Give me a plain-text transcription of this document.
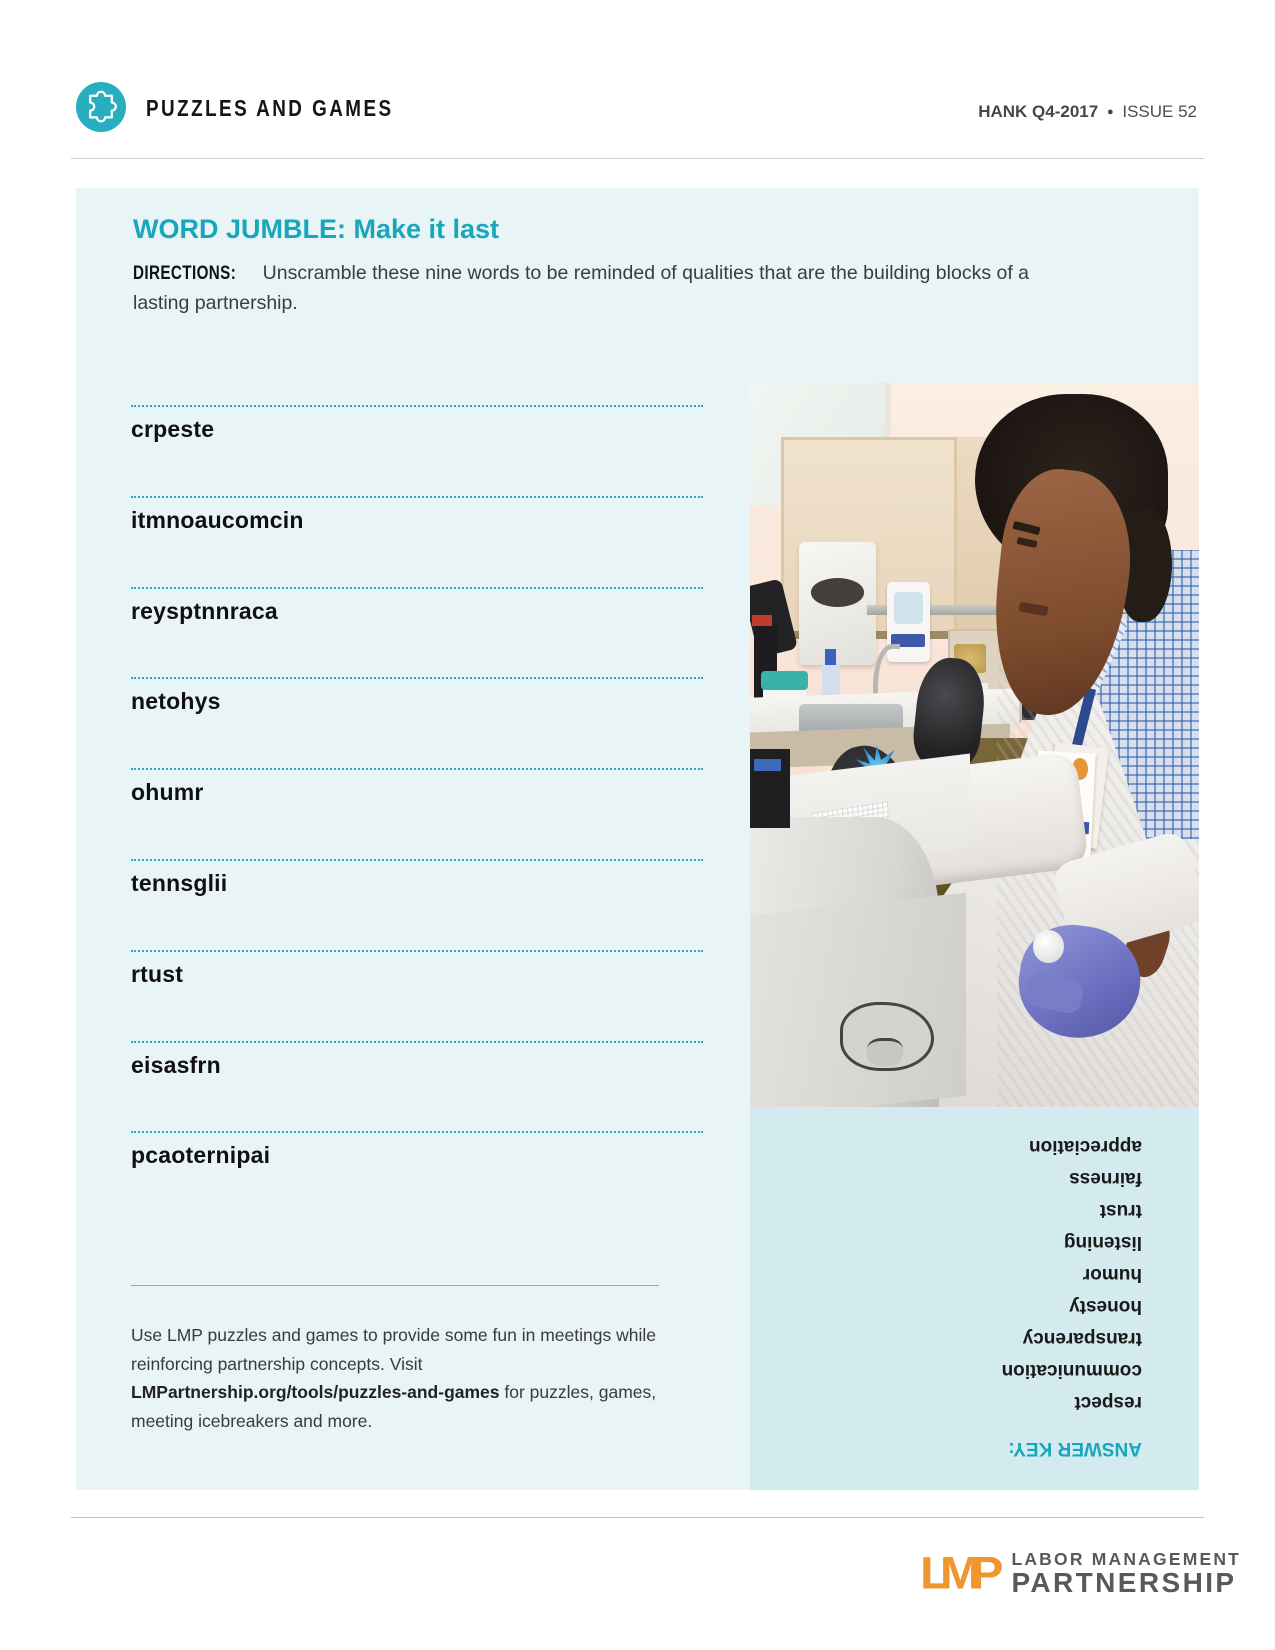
PUZZLES AND GAMES	HANK Q4-2017 ● ISSUE 52
WORD JUMBLE: Make it last
DIRECTIONS: Unscramble these nine words to be reminded of qualities that are the building blocks of a lasting partnership.
crpeste
itmnoaucomcin
reysptnnraca
netohys
ohumr
tennsglii
rtust
eisasfrn
pcaoternipai
Use LMP puzzles and games to provide some fun in meetings while reinforcing partnership concepts. Visit LMPartnership.org/tools/puzzles-and-games for puzzles, games, meeting icebreakers and more.
ANSWER KEY:
respect
communication
transparency
honesty
humor
listening
trust
fairness
appreciation
LMP	LABOR MANAGEMENT
PARTNERSHIP
